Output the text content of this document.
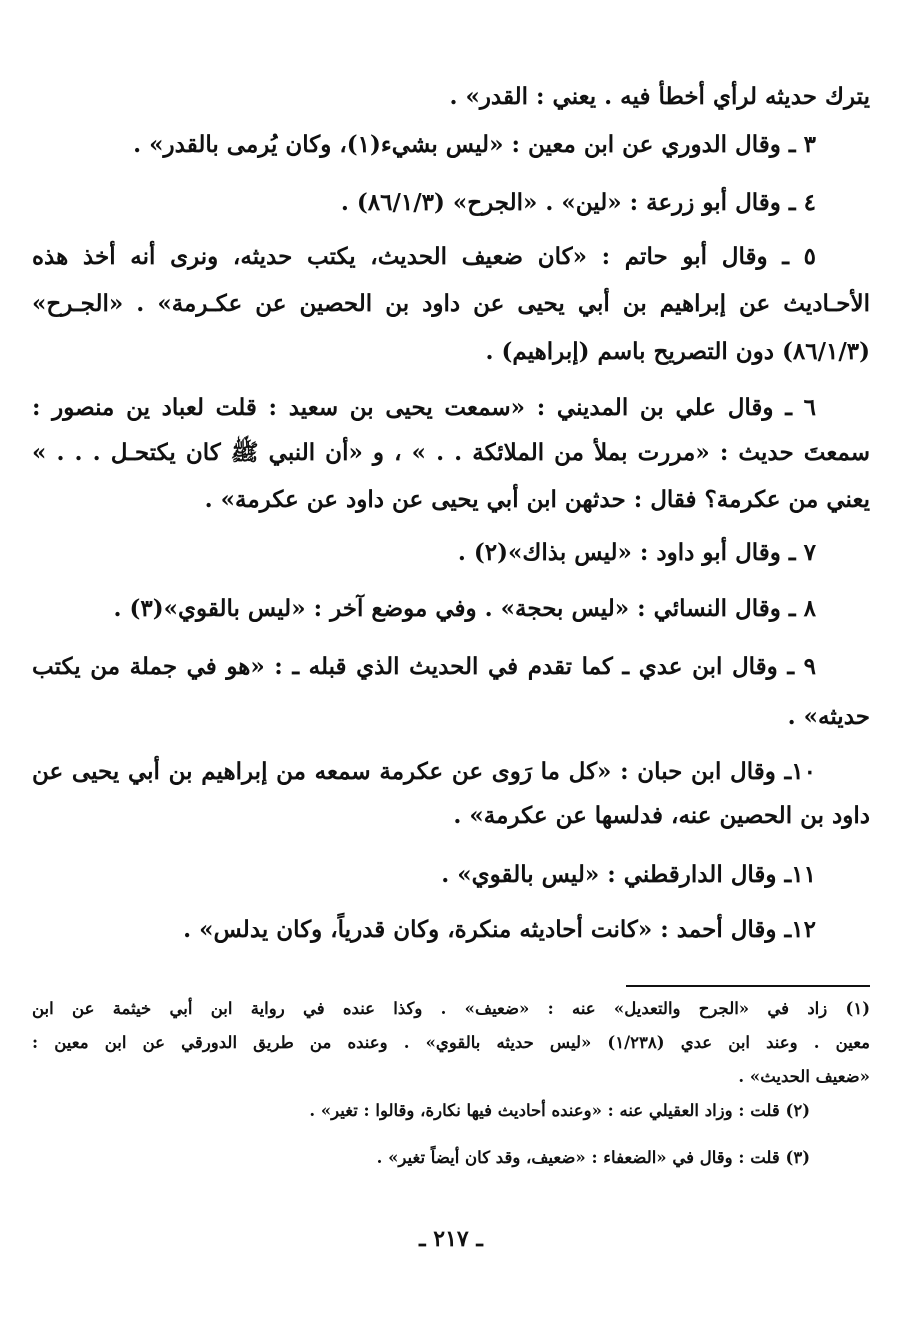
يترك حديثه لرأي أخطأ فيه . يعني : القدر» .
٣ ـ وقال الدوري عن ابن معين : «ليس بشيء(١)، وكان يُرمى بالقدر» .
٤ ـ وقال أبو زرعة : «لين» . «الجرح» (٨٦/١/٣) .
٥ ـ وقال أبو حاتم : «كان ضعيف الحديث، يكتب حديثه، ونرى أنه أخذ هذه
الأحـاديث عن إبراهيم بن أبي يحيى عن داود بن الحصين عن عكـرمة» . «الجـرح»
(٨٦/١/٣) دون التصريح باسم (إبراهيم) .
٦ ـ وقال علي بن المديني : «سمعت يحيى بن سعيد : قلت لعباد ين منصور :
سمعتَ حديث : «مررت بملأ من الملائكة . . » ، و «أن النبي ﷺ كان يكتحـل . . . »
يعني من عكرمة؟ فقال : حدثهن ابن أبي يحيى عن داود عن عكرمة» .
٧ ـ وقال أبو داود : «ليس بذاك»(٢) .
٨ ـ وقال النسائي : «ليس بحجة» . وفي موضع آخر : «ليس بالقوي»(٣) .
٩ ـ وقال ابن عدي ـ كما تقدم في الحديث الذي قبله ـ : «هو في جملة من يكتب
حديثه» .
١٠ـ وقال ابن حبان : «كل ما رَوى عن عكرمة سمعه من إبراهيم بن أبي يحيى عن
داود بن الحصين عنه، فدلسها عن عكرمة» .
١١ـ وقال الدارقطني : «ليس بالقوي» .
١٢ـ وقال أحمد : «كانت أحاديثه منكرة، وكان قدرياً، وكان يدلس» .
(١) زاد في «الجرح والتعديل» عنه : «ضعيف» . وكذا عنده في رواية ابن أبي خيثمة عن ابن
معين . وعند ابن عدي (١/٢٣٨) «ليس حديثه بالقوي» . وعنده من طريق الدورقي عن ابن معين :
«ضعيف الحديث» .
(٢) قلت : وزاد العقيلي عنه : «وعنده أحاديث فيها نكارة، وقالوا : تغير» .
(٣) قلت : وقال في «الضعفاء : «ضعيف، وقد كان أيضاً تغير» .
ـ ٢١٧ ـ
